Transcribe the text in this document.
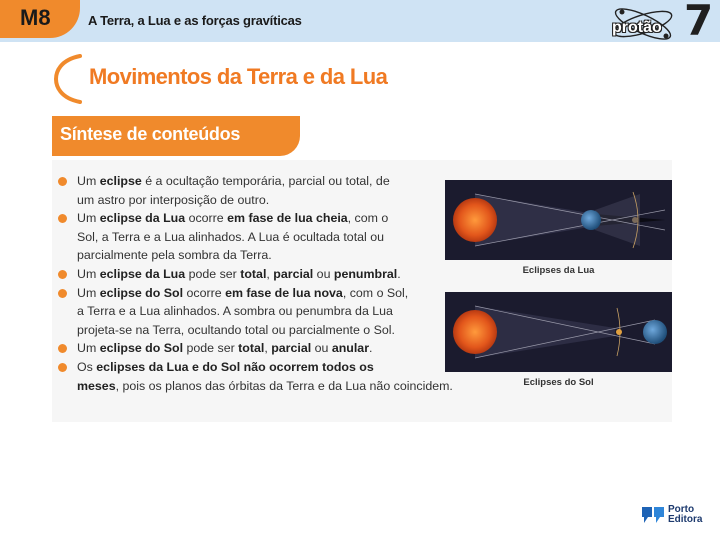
M8	A Terra, a Lua e as forças gravíticas	protão 7
Movimentos da Terra e da Lua
Síntese de conteúdos
Um eclipse é a ocultação temporária, parcial ou total, de
um astro por interposição de outro.
Um eclipse da Lua ocorre em fase de lua cheia, com o
Sol, a Terra e a Lua alinhados. A Lua é ocultada total ou
parcialmente pela sombra da Terra.
Um eclipse da Lua pode ser total, parcial ou penumbral.
Um eclipse do Sol ocorre em fase de lua nova, com o Sol,
a Terra e a Lua alinhados. A sombra ou penumbra da Lua
projeta-se na Terra, ocultando total ou parcialmente o Sol.
Um eclipse do Sol pode ser total, parcial ou anular.
Os eclipses da Lua e do Sol não ocorrem todos os
meses, pois os planos das órbitas da Terra e da Lua não coincidem.
Eclipses da Lua
Eclipses do Sol
Porto
Editora
